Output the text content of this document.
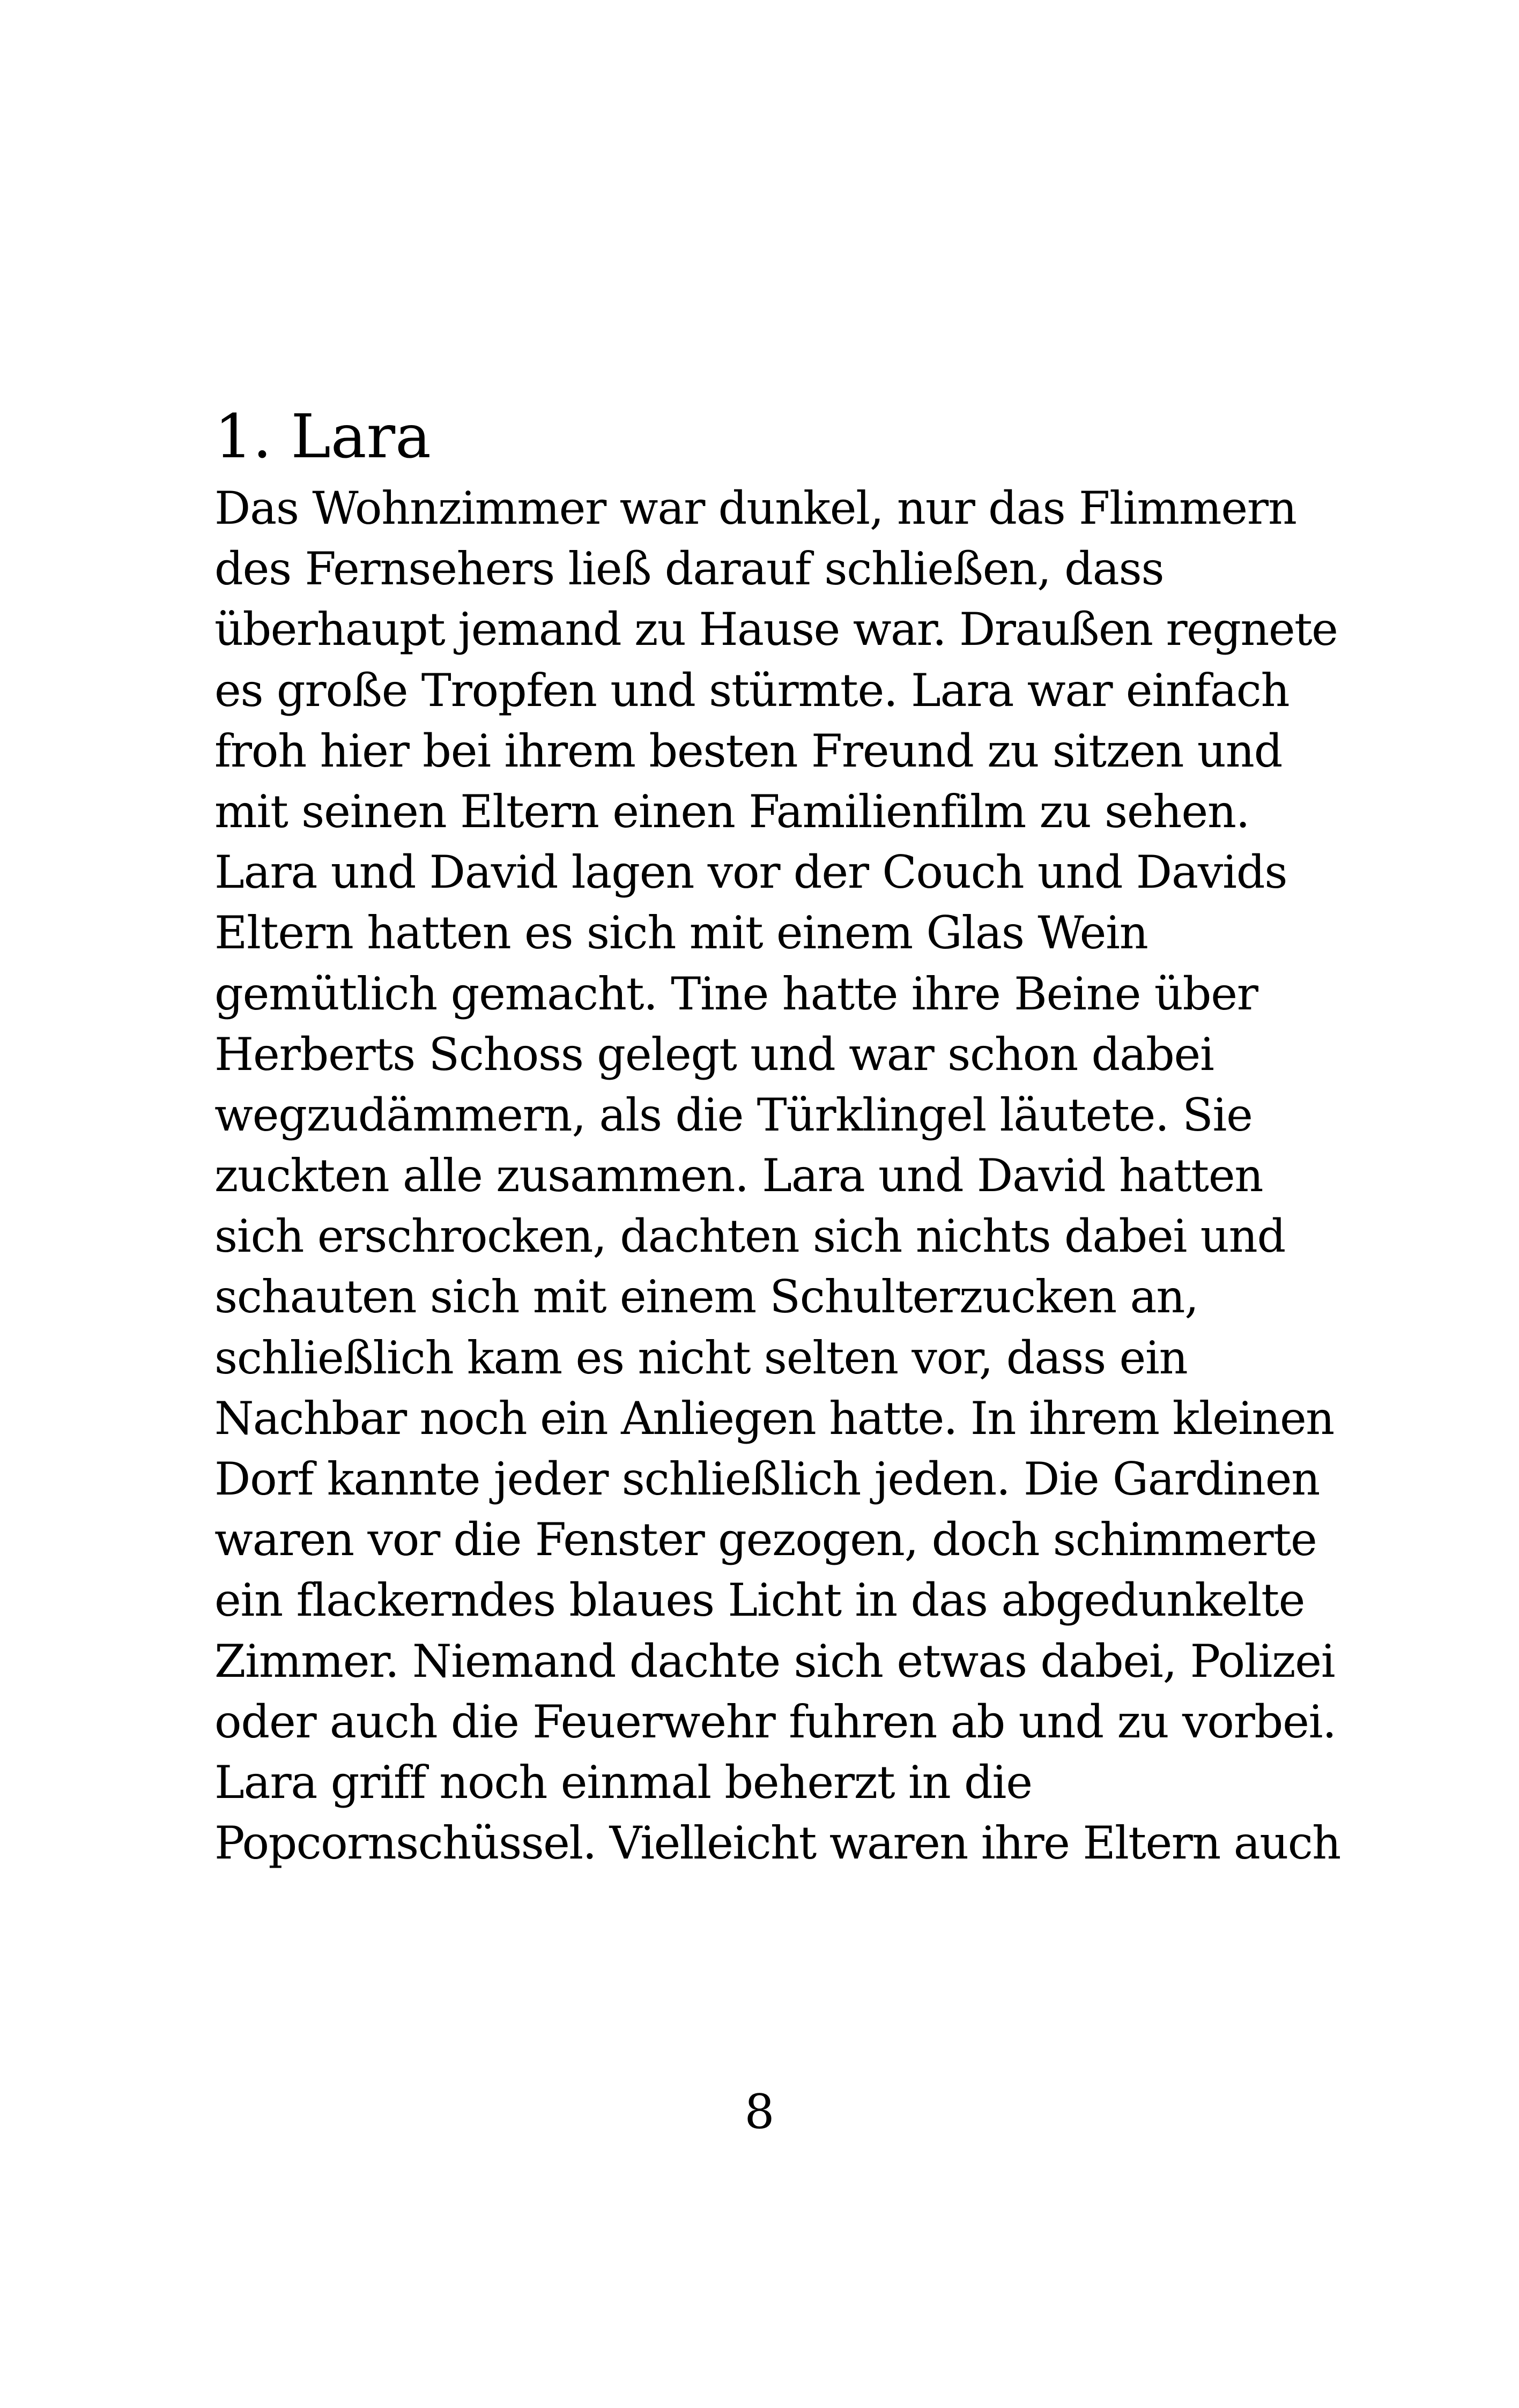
1. Lara
Das Wohnzimmer war dunkel, nur das Flimmern
des Fernsehers ließ darauf schließen, dass
überhaupt jemand zu Hause war. Draußen regnete
es große Tropfen und stürmte. Lara war einfach
froh hier bei ihrem besten Freund zu sitzen und
mit seinen Eltern einen Familienfilm zu sehen.
Lara und David lagen vor der Couch und Davids
Eltern hatten es sich mit einem Glas Wein
gemütlich gemacht. Tine hatte ihre Beine über
Herberts Schoss gelegt und war schon dabei
wegzudämmern, als die Türklingel läutete. Sie
zuckten alle zusammen. Lara und David hatten
sich erschrocken, dachten sich nichts dabei und
schauten sich mit einem Schulterzucken an,
schließlich kam es nicht selten vor, dass ein
Nachbar noch ein Anliegen hatte. In ihrem kleinen
Dorf kannte jeder schließlich jeden. Die Gardinen
waren vor die Fenster gezogen, doch schimmerte
ein flackerndes blaues Licht in das abgedunkelte
Zimmer. Niemand dachte sich etwas dabei, Polizei
oder auch die Feuerwehr fuhren ab und zu vorbei.
Lara griff noch einmal beherzt in die
Popcornschüssel. Vielleicht waren ihre Eltern auch
8
